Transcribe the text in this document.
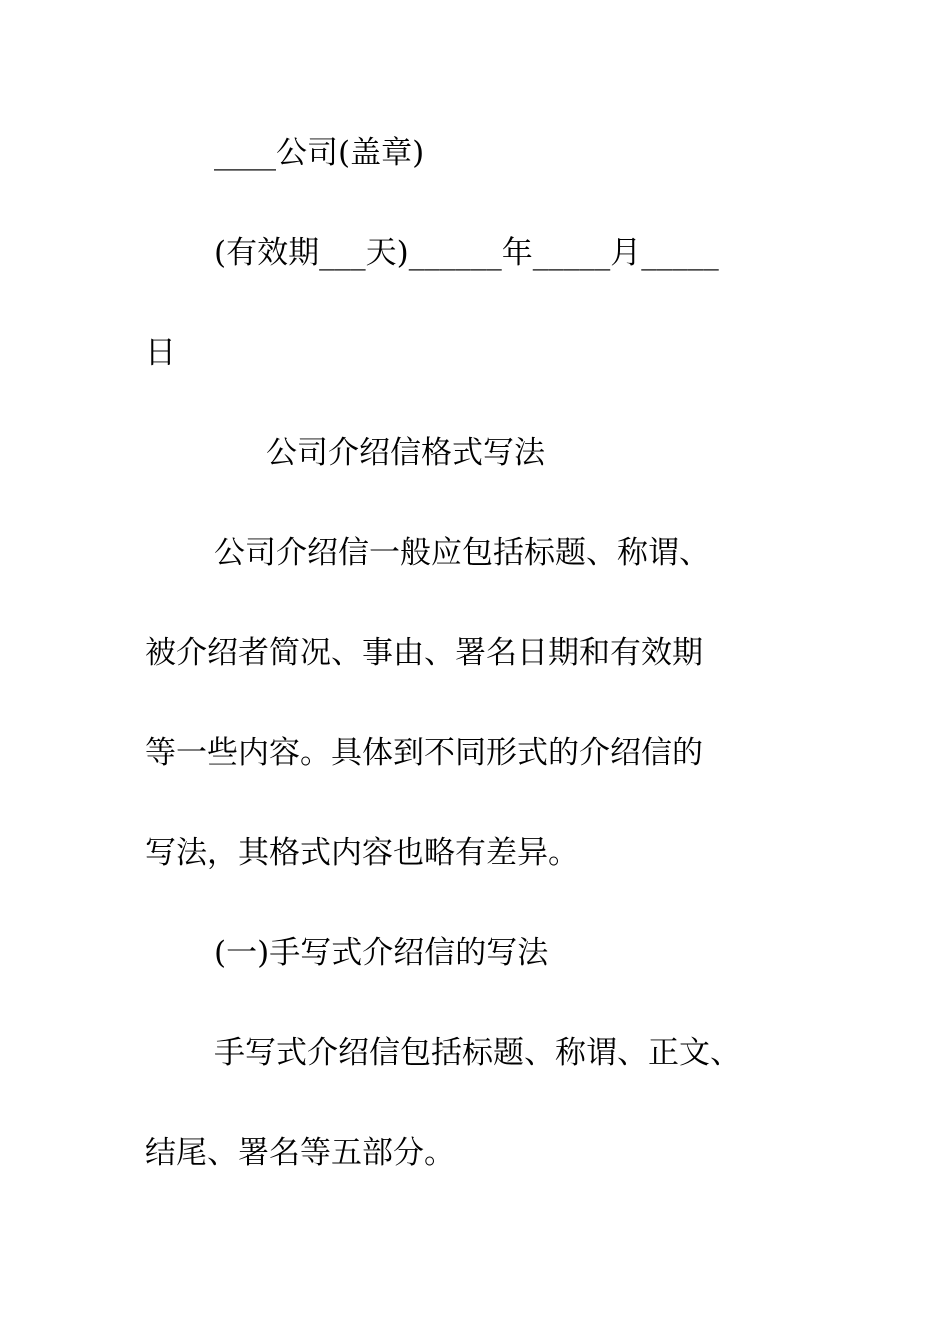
____公司(盖章)
(有效期___天)______年_____月_____
日
公司介绍信格式写法
公司介绍信一般应包括标题、称谓、
被介绍者简况、事由、署名日期和有效期
等一些内容。具体到不同形式的介绍信的
写法，其格式内容也略有差异。
(一)手写式介绍信的写法
手写式介绍信包括标题、称谓、正文、
结尾、署名等五部分。
